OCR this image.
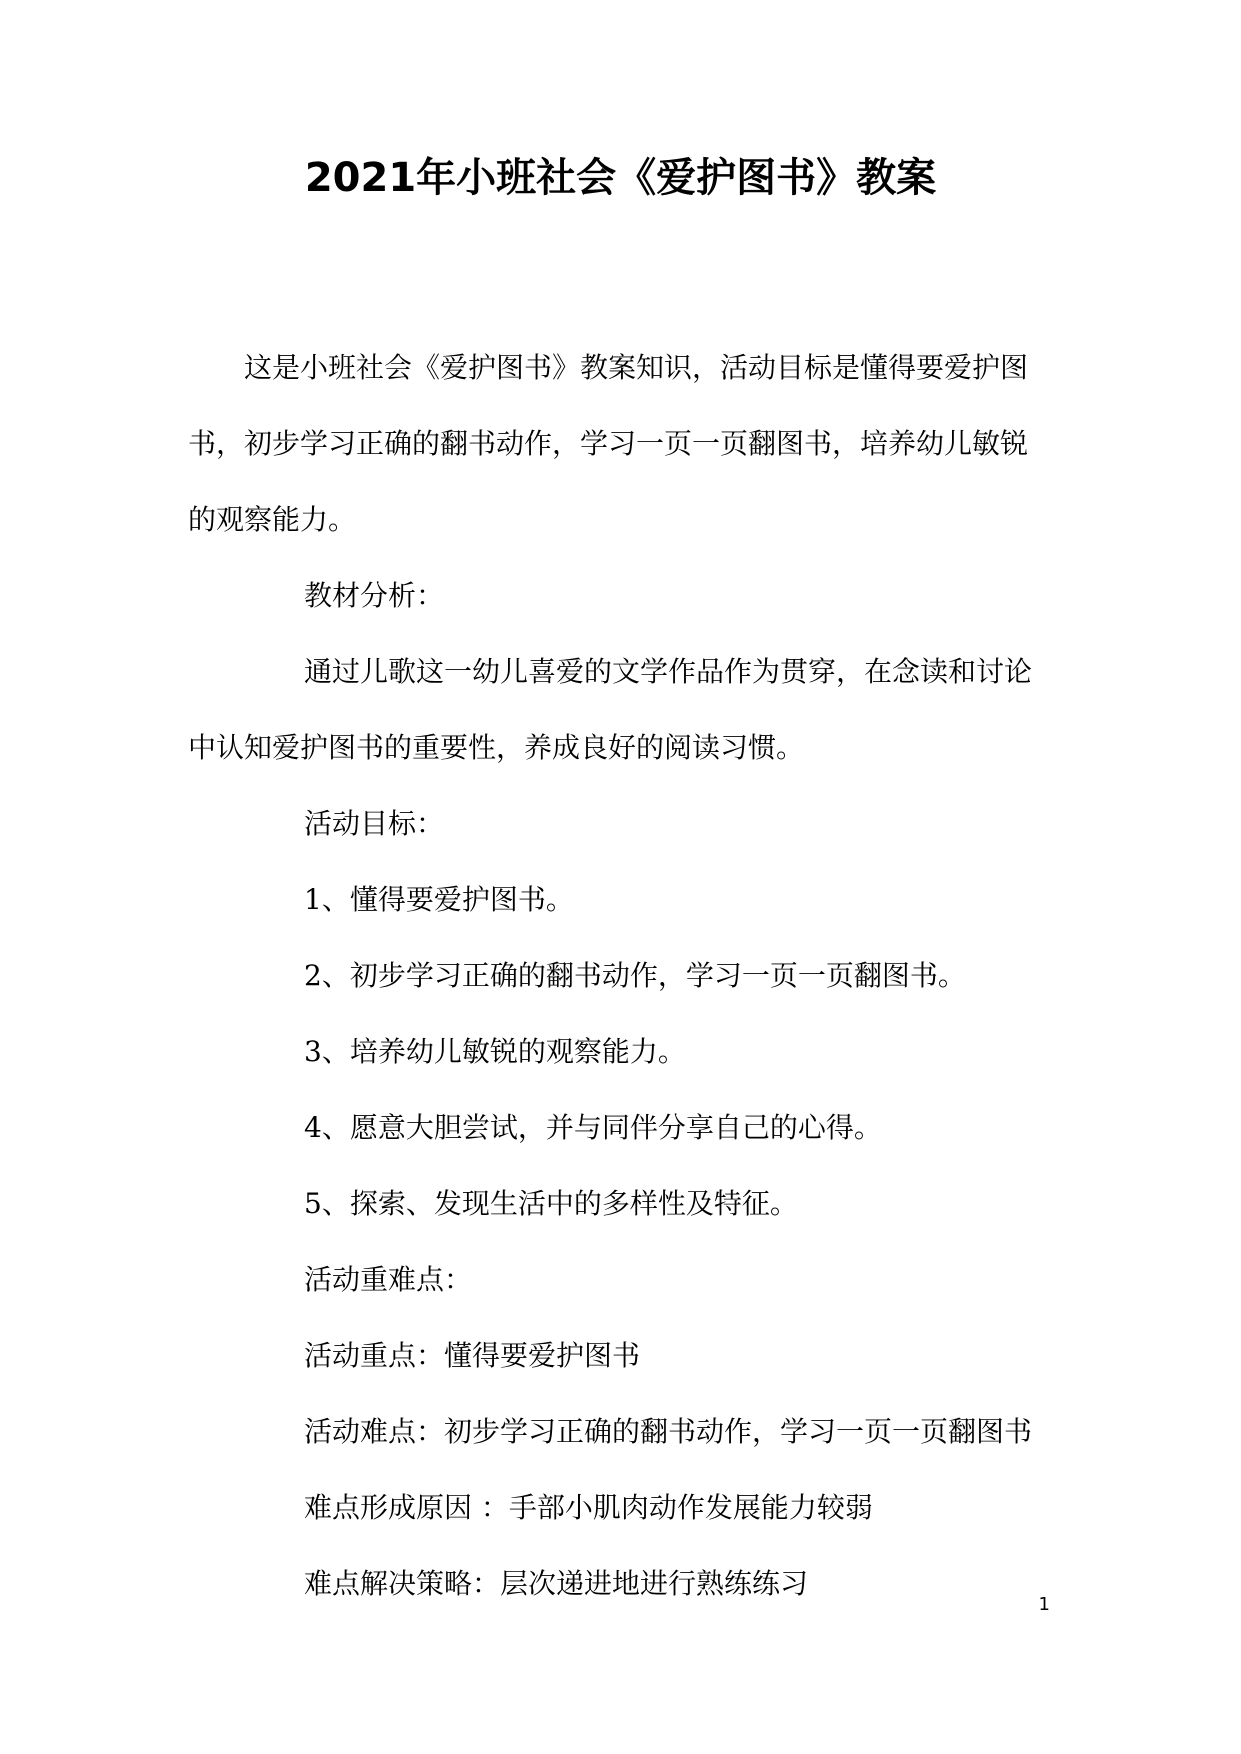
2021年小班社会《爱护图书》教案

这是小班社会《爱护图书》教案知识，活动目标是懂得要爱护图书，初步学习正确的翻书动作，学习一页一页翻图书，培养幼儿敏锐的观察能力。

教材分析：

通过儿歌这一幼儿喜爱的文学作品作为贯穿，在念读和讨论中认知爱护图书的重要性，养成良好的阅读习惯。

活动目标：

1、懂得要爱护图书。

2、初步学习正确的翻书动作，学习一页一页翻图书。

3、培养幼儿敏锐的观察能力。

4、愿意大胆尝试，并与同伴分享自己的心得。

5、探索、发现生活中的多样性及特征。

活动重难点：

活动重点：懂得要爱护图书

活动难点：初步学习正确的翻书动作，学习一页一页翻图书

难点形成原因 ：手部小肌肉动作发展能力较弱

难点解决策略：层次递进地进行熟练练习

1
